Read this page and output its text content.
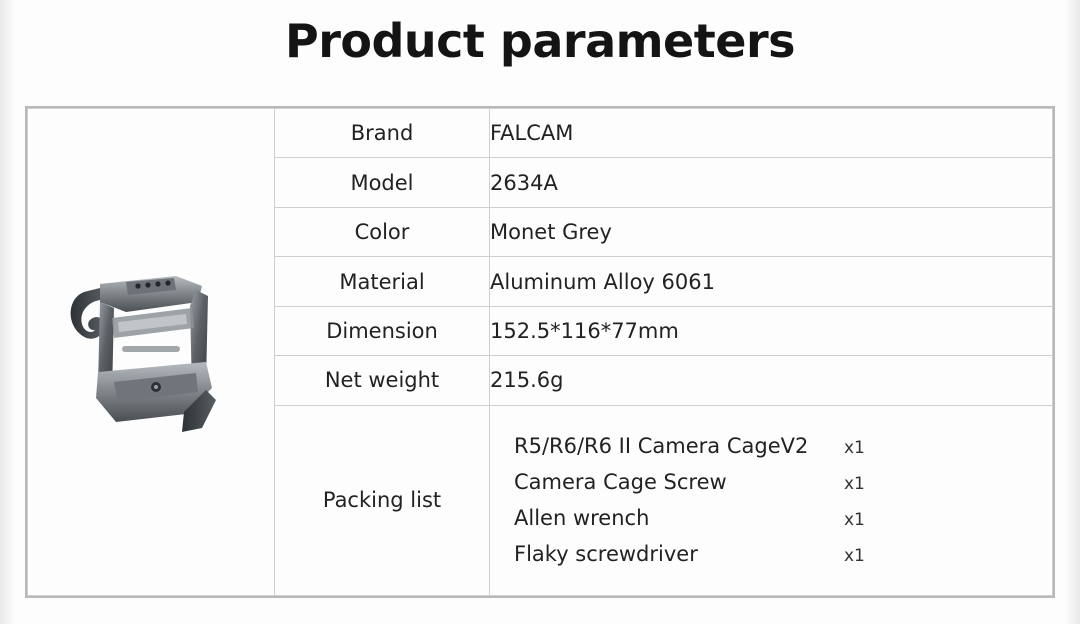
Product parameters
	Brand	FALCAM
	Model	2634A
	Color	Monet Grey
	Material	Aluminum Alloy 6061
	Dimension	152.5*116*77mm
	Net weight	215.6g
Packing list	
R5/R6/R6 II Camera CageV2	x1
Camera Cage Screw	x1
Allen wrench	x1
Flaky screwdriver	x1
